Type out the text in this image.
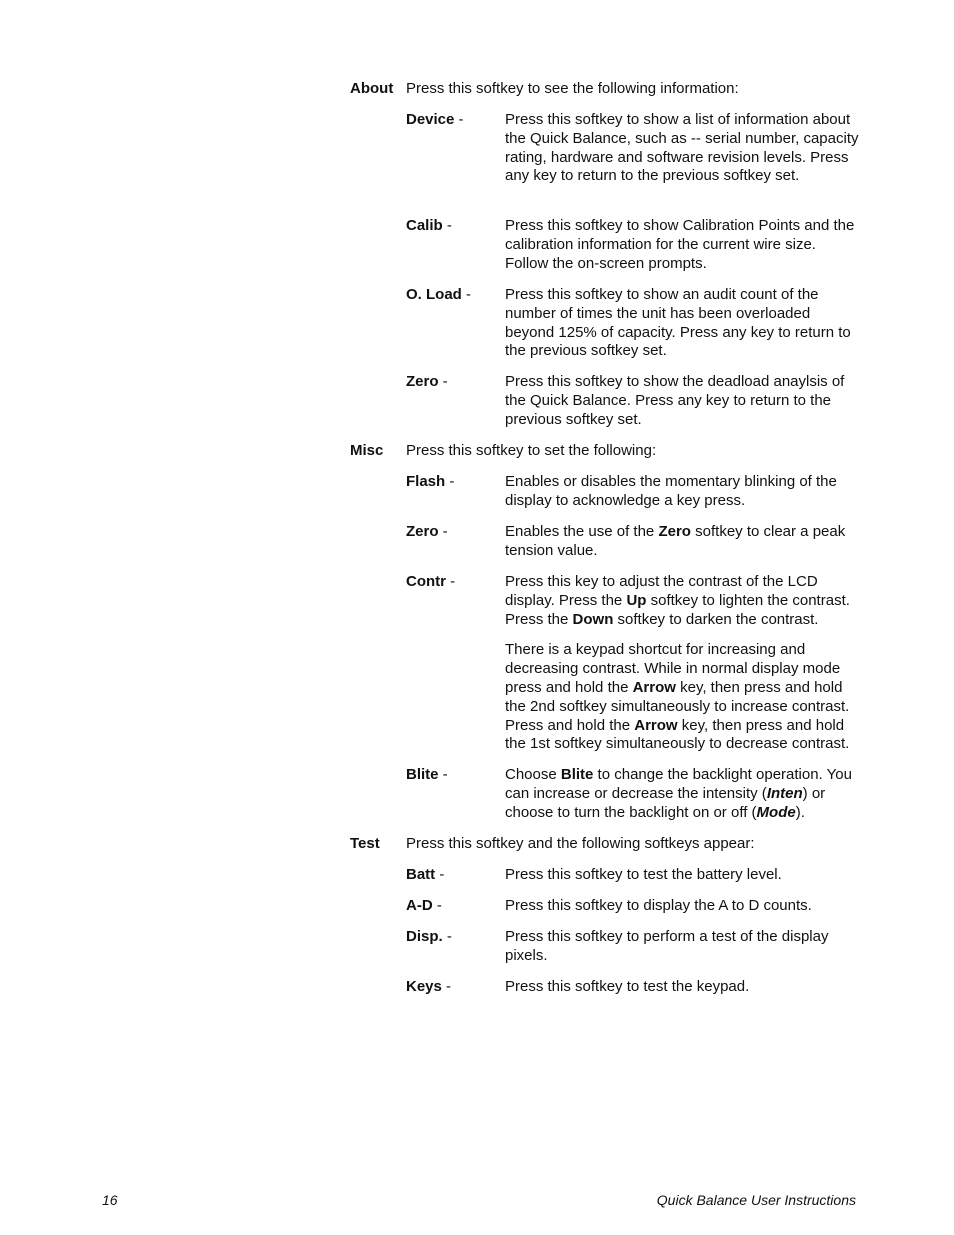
About Press this softkey to see the following information:
Device -	Press this softkey to show a list of information about the Quick Balance, such as -- serial number, capacity rating, hardware and software revision levels. Press any key to return to the previous softkey set.

Calib -	Press this softkey to show Calibration Points and the calibration information for the current wire size. Follow the on-screen prompts.

O. Load - Press this softkey to show an audit count of the number of times the unit has been overloaded beyond 125% of capacity. Press any key to return to the previous softkey set.

Zero -	Press this softkey to show the deadload anaylsis of the Quick Balance. Press any key to return to the previous softkey set.

Misc Press this softkey to set the following:
Flash -	Enables or disables the momentary blinking of the display to acknowledge a key press.

Zero -	Enables the use of the Zero softkey to clear a peak tension value.

Contr -	Press this key to adjust the contrast of the LCD display. Press the Up softkey to lighten the contrast. Press the Down softkey to darken the contrast.

There is a keypad shortcut for increasing and decreasing contrast. While in normal display mode press and hold the Arrow key, then press and hold the 2nd softkey simultaneously to increase contrast. Press and hold the Arrow key, then press and hold the 1st softkey simultaneously to decrease contrast.

Blite -	Choose Blite to change the backlight operation. You can increase or decrease the intensity (Inten) or choose to turn the backlight on or off (Mode).

Test Press this softkey and the following softkeys appear:
Batt -	Press this softkey to test the battery level.

A-D -	Press this softkey to display the A to D counts.

Disp. -	Press this softkey to perform a test of the display pixels.

Keys -	Press this softkey to test the keypad.

16	Quick Balance User Instructions
